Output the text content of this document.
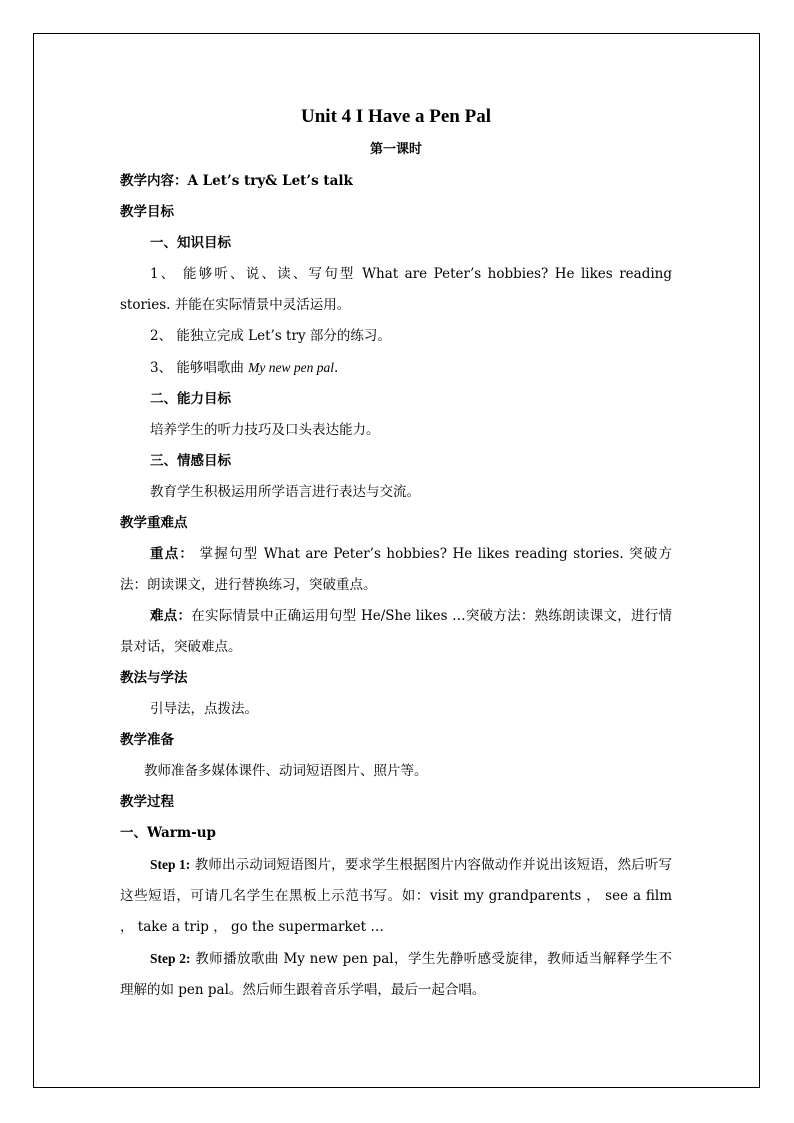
Unit 4 I Have a Pen Pal

第一课时

教学内容：A Let’s try& Let’s talk

教学目标

一、知识目标

1、 能够听、说、读、写句型 What are Peter’s hobbies? He likes reading stories. 并能在实际情景中灵活运用。

2、 能独立完成 Let’s try 部分的练习。

3、 能够唱歌曲 My new pen pal.

二、能力目标

培养学生的听力技巧及口头表达能力。

三、情感目标

教育学生积极运用所学语言进行表达与交流。

教学重难点

重点： 掌握句型 What are Peter’s hobbies? He likes reading stories. 突破方法：朗读课文，进行替换练习，突破重点。

难点：在实际情景中正确运用句型 He/She likes …突破方法：熟练朗读课文，进行情景对话，突破难点。

教法与学法

引导法，点拨法。

教学准备

教师准备多媒体课件、动词短语图片、照片等。

教学过程

一、Warm-up

Step 1: 教师出示动词短语图片，要求学生根据图片内容做动作并说出该短语，然后听写这些短语，可请几名学生在黑板上示范书写。如：visit my grandparents ， see a film ， take a trip ， go the supermarket …

Step 2: 教师播放歌曲 My new pen pal，学生先静听感受旋律，教师适当解释学生不理解的如 pen pal。然后师生跟着音乐学唱，最后一起合唱。
